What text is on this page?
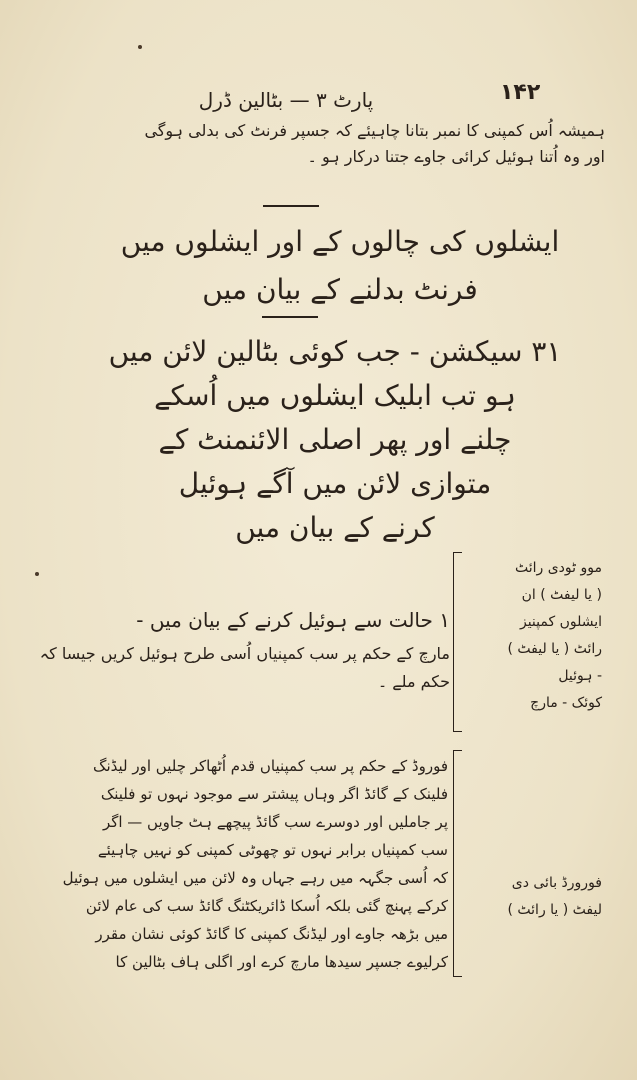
۱۴۲
پارٹ ۳ — بٹالین ڈرل
ہمیشہ اُس کمپنی کا نمبر بتانا چاہیئے کہ جسپر فرنٹ کی بدلی ہوگی
اور وہ اُتنا ہوئیل کرائی جاوے جتنا درکار ہو ۔
ایشلوں کی چالوں کے اور ایشلوں میں
فرنٹ بدلنے کے بیان میں
۳۱ سیکشن - جب کوئی بٹالین لائن میں
ہو تب ابلیک ایشلوں میں اُسکے
چلنے اور پھر اصلی الائنمنٹ کے
متوازی لائن میں آگے ہوئیل
کرنے کے بیان میں
موو ٹودی رائٹ
( یا لیفٹ ) ان
ایشلوں کمپنیز
رائٹ ( یا لیفٹ )
- ہوئیل
کوئک - مارچ
۱ حالت سے ہوئیل کرنے کے بیان میں -
مارچ کے حکم پر سب کمپنیاں اُسی طرح ہوئیل کریں جیسا کہ
حکم ملے ۔
فوروڈ کے حکم پر سب کمپنیاں قدم اُٹھاکر چلیں اور لیڈنگ
فلینک کے گائڈ اگر وہاں پیشتر سے موجود نہوں تو فلینک
پر جاملیں اور دوسرے سب گائڈ پیچھے ہٹ جاویں — اگر
سب کمپنیاں برابر نہوں تو چھوٹی کمپنی کو نہیں چاہیئے
کہ اُسی جگہہ میں رہے جہاں وہ لائن میں ایشلوں میں ہوئیل
کرکے پہنچ گئی بلکہ اُسکا ڈائریکٹنگ گائڈ سب کی عام لائن
میں بڑھہ جاوے اور لیڈنگ کمپنی کا گائڈ کوئی نشان مقرر
کرلیوے جسپر سیدھا مارچ کرے اور اگلی ہاف بٹالین کا
فورورڈ بائی دی
لیفٹ ( یا رائٹ )
